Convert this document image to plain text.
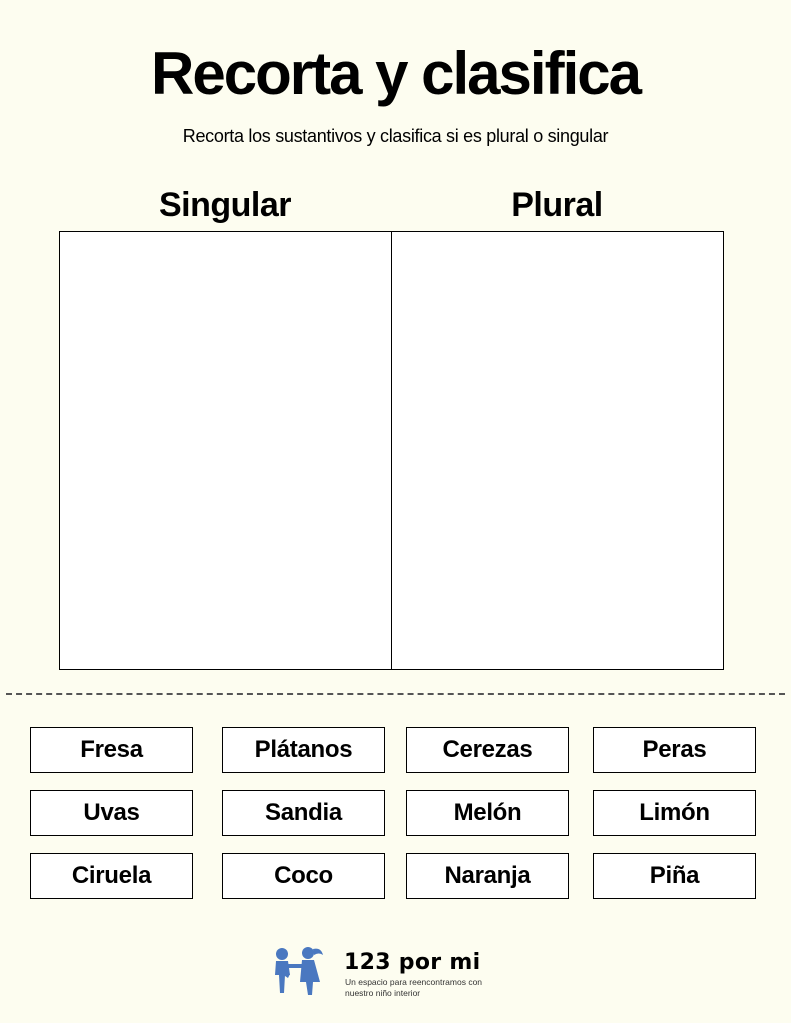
Recorta y clasifica
Recorta los sustantivos y clasifica si es plural o singular
Singular	Plural
Fresa	Plátanos	Cerezas	Peras
Uvas	Sandia	Melón	Limón
Ciruela	Coco	Naranja	Piña
123 por mi
Un espacio para reencontramos con nuestro niño interior
